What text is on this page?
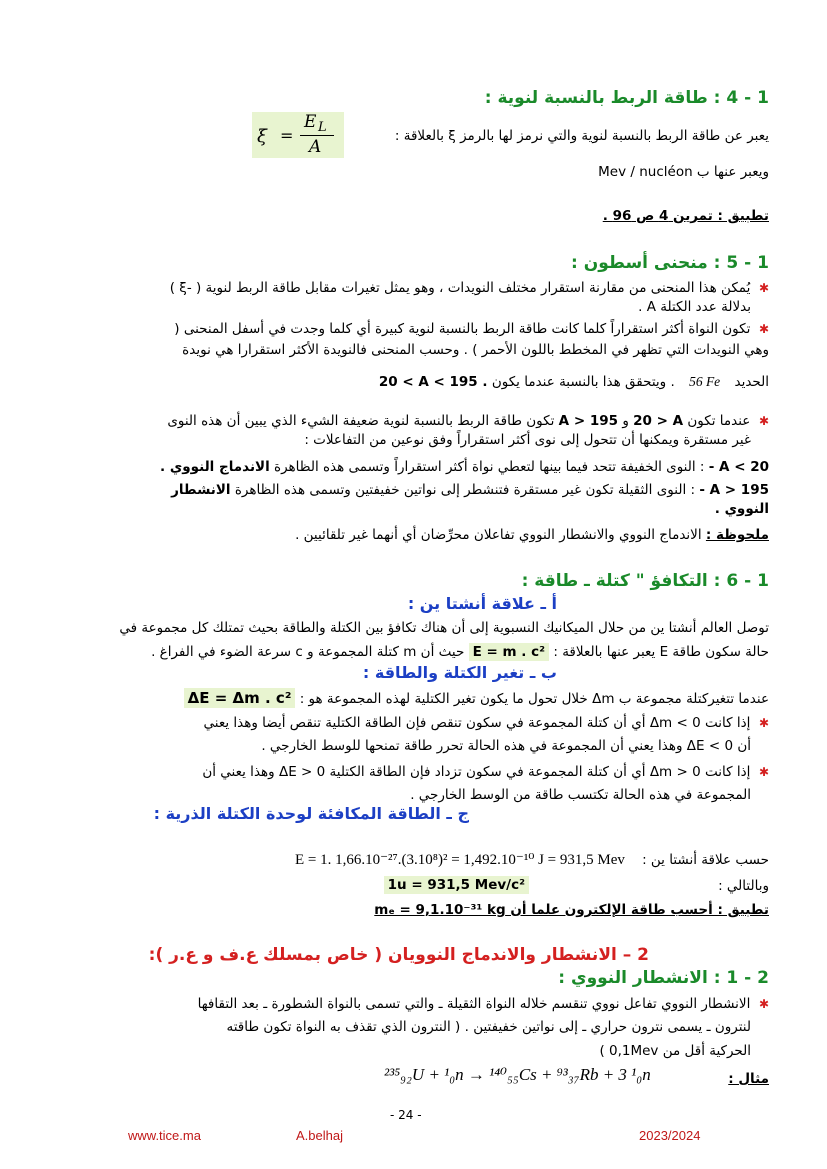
1 - 4 : طاقة الربط بالنسبة لنوية :
يعبر عن طاقة الربط بالنسبة لنوية والتي نرمز لها بالرمز ξ بالعلاقة :
ξ =
E L
A
ويعبر عنها ب Mev / nucléon
تطبيق : تمرين 4 ص 96 .
1 - 5 : منحنى أسطون :
✱  يُمكن هذا المنحنى من مقارنة استقرار مختلف النويدات ، وهو يمثل تغيرات مقابل طاقة الربط لنوية ( -ξ )
بدلالة عدد الكتلة A .
✱  تكون النواة أكثر استقراراً كلما كانت طاقة الربط بالنسبة لنوية كبيرة أي كلما وجدت في أسفل المنحنى (
وهي النويدات التي تظهر في المخطط باللون الأحمر ) . وحسب المنحنى فالنويدة الأكثر استقرارا هي نويدة
الحديد 56 Fe . ويتحقق هذا بالنسبة عندما يكون 20 < A < 195 .
✱  عندما تكون 20 > A و A > 195 تكون طاقة الربط بالنسبة لنوية ضعيفة الشيء الذي يبين أن هذه النوى
غير مستقرة ويمكنها أن تتحول إلى نوى أكثر استقراراً وفق نوعين من التفاعلات :
- A < 20 : النوى الخفيفة تتحد فيما بينها لتعطي نواة أكثر استقراراً وتسمى هذه الظاهرة الاندماج النووي .
- A > 195 : النوى الثقيلة تكون غير مستقرة فتنشطر إلى نواتين خفيفتين وتسمى هذه الظاهرة الانشطار
النووي .
ملحوظة : الاندماج النووي والانشطار النووي تفاعلان محرِّضان أي أنهما غير تلقائيين .
1 - 6 : التكافؤ " كتلة ـ طاقة :
أ ـ علاقة أنشتا ين :
توصل العالم أنشتا ين من حلال الميكانيك النسبوية إلى أن هناك تكافؤ بين الكتلة والطاقة بحيث تمتلك كل مجموعة في
حالة سكون طاقة E يعبر عنها بالعلاقة : E = m . c² حيث أن m كتلة المجموعة و c سرعة الضوء في الفراغ .
ب ـ تغير الكتلة والطاقة :
عندما تتغيركتلة مجموعة ب Δm خلال تحول ما يكون تغير الكتلية لهذه المجموعة هو : ΔE = Δm . c²
✱  إذا كانت Δm < 0 أي أن كتلة المجموعة في سكون تنقص فإن الطاقة الكتلية تنقص أيضا وهذا يعني
أن ΔE < 0 وهذا يعني أن المجموعة في هذه الحالة تحرر طاقة تمنحها للوسط الخارجي .
✱  إذا كانت Δm > 0 أي أن كتلة المجموعة في سكون تزداد فإن الطاقة الكتلية ΔE > 0 وهذا يعني أن
المجموعة في هذه الحالة تكتسب طاقة من الوسط الخارجي .
ج ـ الطاقة المكافئة لوحدة الكتلة الذرية :
حسب علاقة أنشتا ين :    E = 1. 1,66.10⁻²⁷.(3.10⁸)² = 1,492.10⁻¹⁰ J = 931,5 Mev
وبالتالي :
1u = 931,5 Mev/c²
تطبيق : أحسب طاقة الإلكترون علما أن mₑ = 9,1.10⁻³¹ kg
2 – الانشطار والاندماج النوويان ( خاص بمسلك ع.ف و ع.ر ):
2 - 1 : الانشطار النووي :
✱  الانشطار النووي تفاعل نووي تنقسم خلاله النواة الثقيلة ـ والتي تسمى بالنواة الشطورة ـ بعد التقافها
لنترون ـ يسمى نترون حراري ـ إلى نواتين خفيفتين . ( النترون الذي تقذف به النواة تكون طاقته
الحركية أقل من 0,1Mev )
مثال :
²³⁵₉₂U + ¹₀n → ¹⁴⁰₅₅Cs + ⁹³₃₇Rb + 3 ¹₀n
- 24 -
www.tice.ma	A.belhaj	2023/2024
